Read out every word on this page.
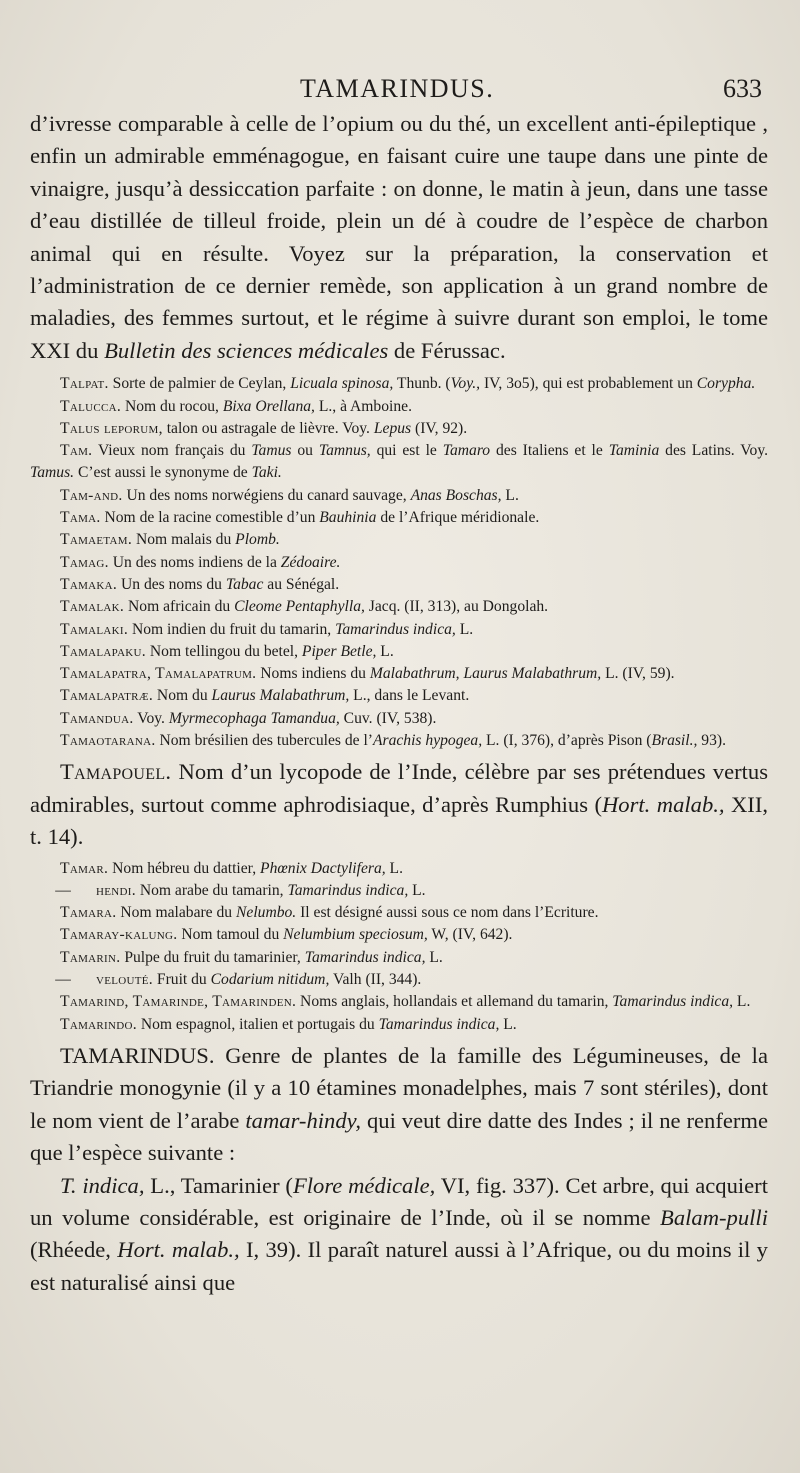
TAMARINDUS.	633

d’ivresse comparable à celle de l’opium ou du thé, un excellent anti-épileptique , enfin un admirable emménagogue, en faisant cuire une taupe dans une pinte de vinaigre, jusqu’à dessiccation parfaite : on donne, le matin à jeun, dans une tasse d’eau distillée de tilleul froide, plein un dé à coudre de l’espèce de charbon animal qui en résulte. Voyez sur la préparation, la conservation et l’administration de ce dernier remède, son application à un grand nombre de maladies, des femmes surtout, et le régime à suivre durant son emploi, le tome XXI du Bulletin des sciences médicales de Férussac.

Talpat. Sorte de palmier de Ceylan, Licuala spinosa, Thunb. (Voy., IV, 3o5), qui est probablement un Corypha.

Talucca. Nom du rocou, Bixa Orellana, L., à Amboine.

Talus leporum, talon ou astragale de lièvre. Voy. Lepus (IV, 92).

Tam. Vieux nom français du Tamus ou Tamnus, qui est le Tamaro des Italiens et le Taminia des Latins. Voy. Tamus. C’est aussi le synonyme de Taki.

Tam-and. Un des noms norwégiens du canard sauvage, Anas Boschas, L.

Tama. Nom de la racine comestible d’un Bauhinia de l’Afrique méridionale.

Tamaetam. Nom malais du Plomb.

Tamag. Un des noms indiens de la Zédoaire.

Tamaka. Un des noms du Tabac au Sénégal.

Tamalak. Nom africain du Cleome Pentaphylla, Jacq. (II, 313), au Dongolah.

Tamalaki. Nom indien du fruit du tamarin, Tamarindus indica, L.

Tamalapaku. Nom tellingou du betel, Piper Betle, L.

Tamalapatra, Tamalapatrum. Noms indiens du Malabathrum, Laurus Malabathrum, L. (IV, 59).

Tamalapatræ. Nom du Laurus Malabathrum, L., dans le Levant.

Tamandua. Voy. Myrmecophaga Tamandua, Cuv. (IV, 538).

Tamaotarana. Nom brésilien des tubercules de l’Arachis hypogea, L. (I, 376), d’après Pison (Brasil., 93).

Tamapouel. Nom d’un lycopode de l’Inde, célèbre par ses prétendues vertus admirables, surtout comme aphrodisiaque, d’après Rumphius (Hort. malab., XII, t. 14).

Tamar. Nom hébreu du dattier, Phœnix Dactylifera, L.

— hendi. Nom arabe du tamarin, Tamarindus indica, L.

Tamara. Nom malabare du Nelumbo. Il est désigné aussi sous ce nom dans l’Ecriture.

Tamaray-kalung. Nom tamoul du Nelumbium speciosum, W, (IV, 642).

Tamarin. Pulpe du fruit du tamarinier, Tamarindus indica, L.

— velouté. Fruit du Codarium nitidum, Valh (II, 344).

Tamarind, Tamarinde, Tamarinden. Noms anglais, hollandais et allemand du tamarin, Tamarindus indica, L.

Tamarindo. Nom espagnol, italien et portugais du Tamarindus indica, L.

TAMARINDUS. Genre de plantes de la famille des Légumineuses, de la Triandrie monogynie (il y a 10 étamines monadelphes, mais 7 sont stériles), dont le nom vient de l’arabe tamar-hindy, qui veut dire datte des Indes ; il ne renferme que l’espèce suivante :

T. indica, L., Tamarinier (Flore médicale, VI, fig. 337). Cet arbre, qui acquiert un volume considérable, est originaire de l’Inde, où il se nomme Balam-pulli (Rhéede, Hort. malab., I, 39). Il paraît naturel aussi à l’Afrique, ou du moins il y est naturalisé ainsi que
